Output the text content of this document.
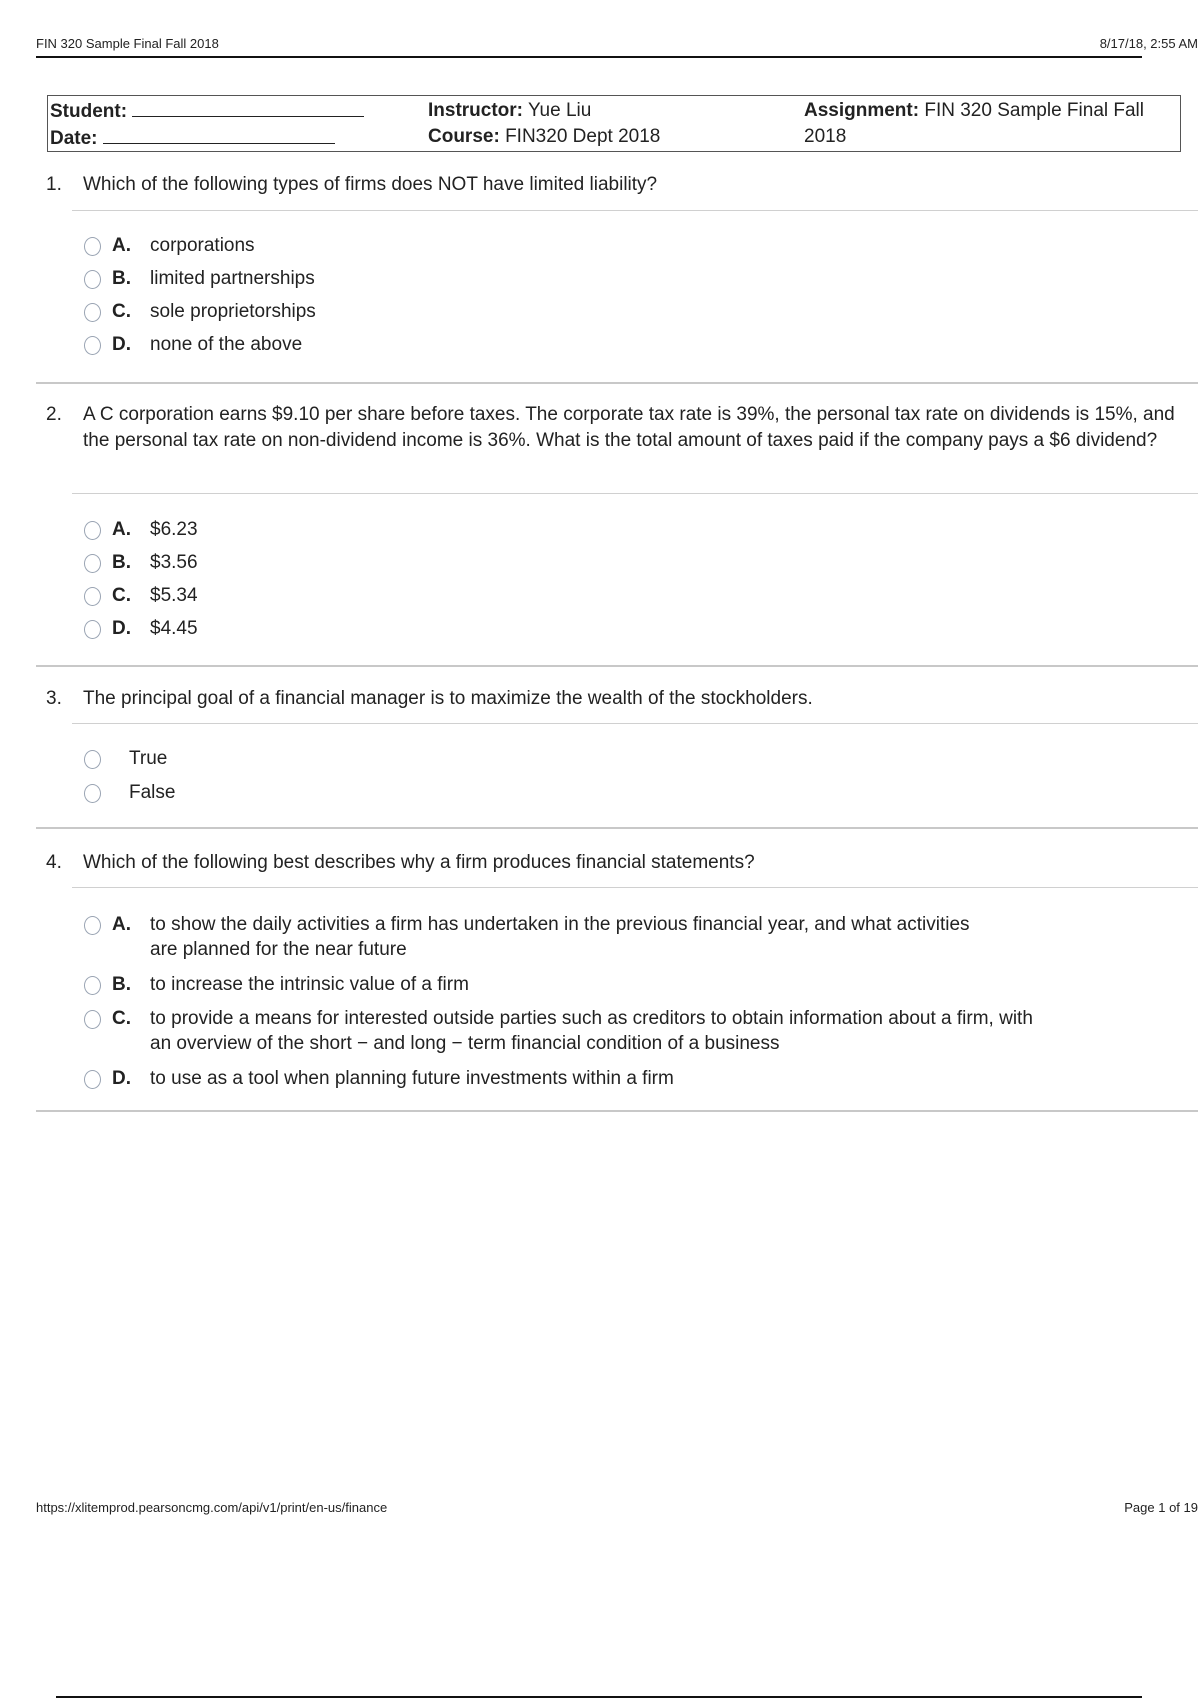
FIN 320 Sample Final Fall 2018	8/17/18, 2:55 AM
Student:
Date:
Instructor: Yue Liu
Course: FIN320 Dept 2018
Assignment: FIN 320 Sample Final Fall 2018
1.	Which of the following types of firms does NOT have limited liability?
A. corporations
B. limited partnerships
C. sole proprietorships
D. none of the above
2.	A C corporation earns $9.10 per share before taxes. The corporate tax rate is 39%, the personal tax rate on dividends is 15%, and the personal tax rate on non-dividend income is 36%. What is the total amount of taxes paid if the company pays a $6 dividend?
A. $6.23
B. $3.56
C. $5.34
D. $4.45
3.	The principal goal of a financial manager is to maximize the wealth of the stockholders.
True
False
4.	Which of the following best describes why a firm produces financial statements?
A. to show the daily activities a firm has undertaken in the previous financial year, and what activities are planned for the near future
B. to increase the intrinsic value of a firm
C. to provide a means for interested outside parties such as creditors to obtain information about a firm, with an overview of the short − and long − term financial condition of a business
D. to use as a tool when planning future investments within a firm
https://xlitemprod.pearsoncmg.com/api/v1/print/en-us/finance	Page 1 of 19
